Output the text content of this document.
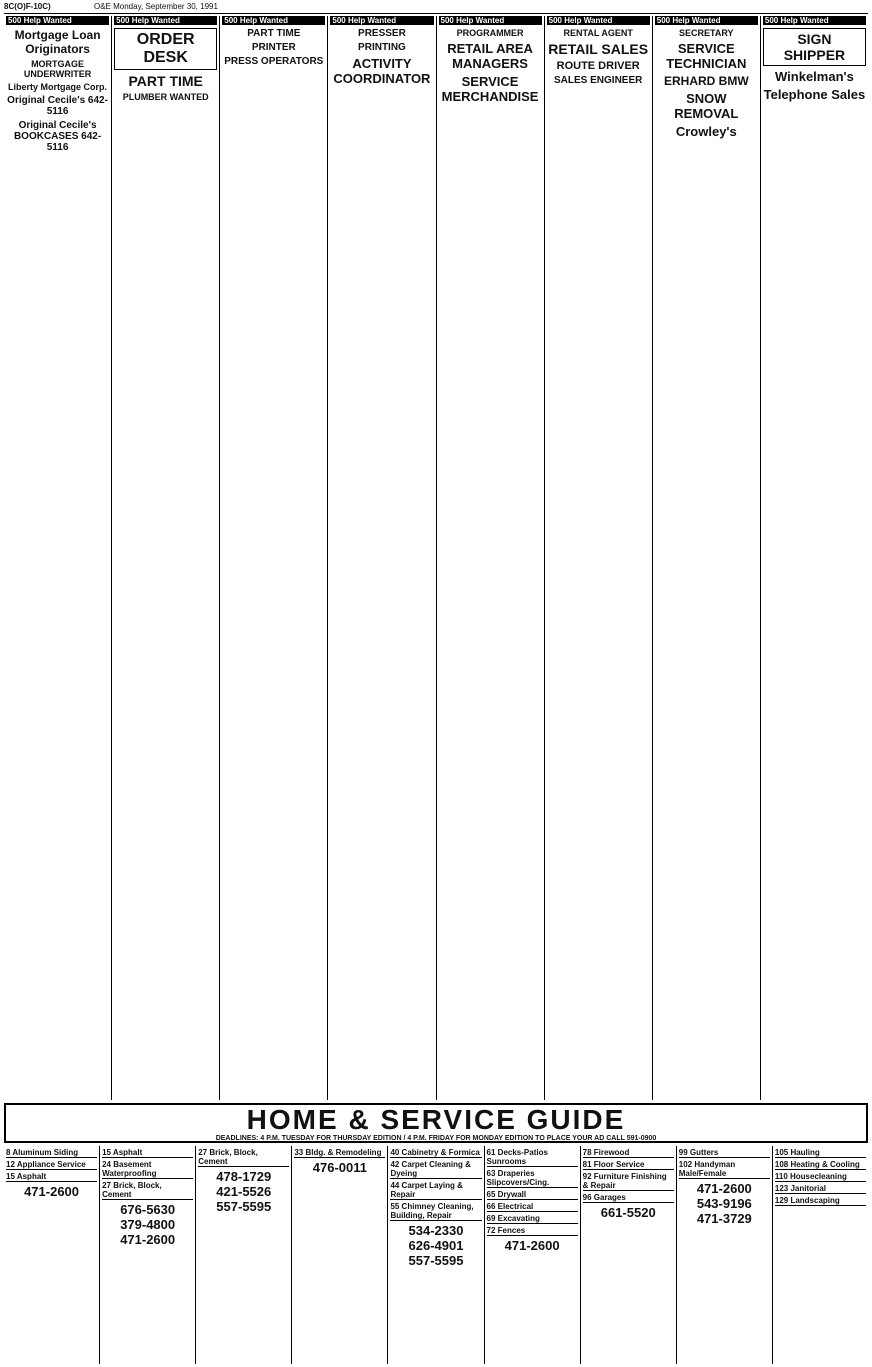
8C(O)F-10C)	O&E Monday, September 30, 1991
500 Help Wanted
Mortgage Loan Originators
MORTGAGE UNDERWRITER
Liberty Mortgage Corp.
Original Cecile's 642-5116
Original Cecile's BOOKCASES 642-5116
500 Help Wanted
ORDER DESK
PART TIME
PLUMBER WANTED
500 Help Wanted
PART TIME
PRINTER
PRESS OPERATORS
500 Help Wanted
PRESSER
PRINTING
ACTIVITY COORDINATOR
500 Help Wanted
PROGRAMMER
RETAIL AREA MANAGERS
SERVICE MERCHANDISE
500 Help Wanted
RENTAL AGENT
RETAIL SALES
ROUTE DRIVER
SALES ENGINEER
500 Help Wanted
SECRETARY
SERVICE TECHNICIAN
ERHARD BMW
SNOW REMOVAL
Crowley's
500 Help Wanted
SIGN SHIPPER
Winkelman's
Telephone Sales
HOME & SERVICE GUIDE
DEADLINES: 4 P.M. TUESDAY FOR THURSDAY EDITION / 4 P.M. FRIDAY FOR MONDAY EDITION TO PLACE YOUR AD CALL 591-0900
8 Aluminum Siding
12 Appliance Service
15 Asphalt
471-2600
15 Asphalt
24 Basement Waterproofing
27 Brick, Block, Cement
676-5630
379-4800
471-2600
27 Brick, Block, Cement
478-1729
421-5526
557-5595
33 Bldg. & Remodeling
476-0011
40 Cabinetry & Formica
42 Carpet Cleaning & Dyeing
44 Carpet Laying & Repair
55 Chimney Cleaning, Building, Repair
534-2330
626-4901
557-5595
61 Decks-Patios Sunrooms
63 Draperies Slipcovers/Cing.
65 Drywall
66 Electrical
69 Excavating
72 Fences
471-2600
78 Firewood
81 Floor Service
92 Furniture Finishing & Repair
96 Garages
661-5520
99 Gutters
102 Handyman Male/Female
471-2600
543-9196
471-3729
105 Hauling
108 Heating & Cooling
110 Housecleaning
123 Janitorial
129 Landscaping
